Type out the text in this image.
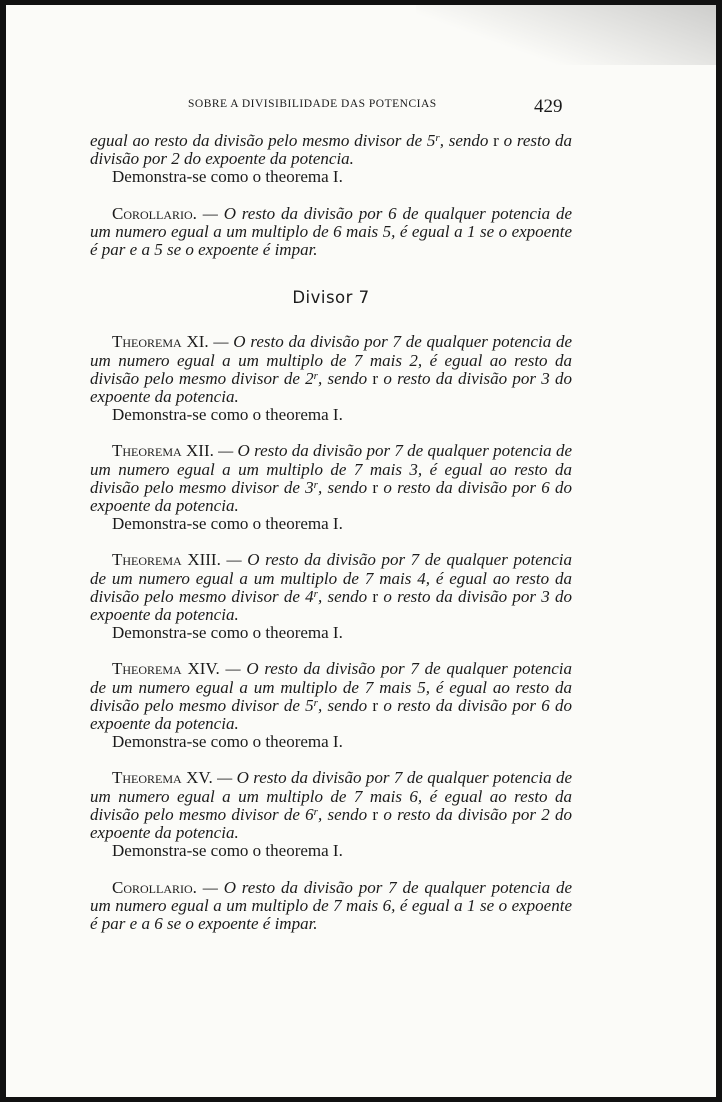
SOBRE A DIVISIBILIDADE DAS POTENCIAS	429

egual ao resto da divisão pelo mesmo divisor de 5$^r$, sendo r o resto da divisão por 2 do expoente da potencia.

Demonstra-se como o theorema I.

Corollario. — O resto da divisão por 6 de qualquer potencia de um numero egual a um multiplo de 6 mais 5, é egual a 1 se o expoente é par e a 5 se o expoente é impar.

Divisor 7

Theorema XI. — O resto da divisão por 7 de qualquer potencia de um numero egual a um multiplo de 7 mais 2, é egual ao resto da divisão pelo mesmo divisor de 2$^r$, sendo r o resto da divisão por 3 do expoente da potencia.

Demonstra-se como o theorema I.

Theorema XII. — O resto da divisão por 7 de qualquer potencia de um numero egual a um multiplo de 7 mais 3, é egual ao resto da divisão pelo mesmo divisor de 3$^r$, sendo r o resto da divisão por 6 do expoente da potencia.

Demonstra-se como o theorema I.

Theorema XIII. — O resto da divisão por 7 de qualquer potencia de um numero egual a um multiplo de 7 mais 4, é egual ao resto da divisão pelo mesmo divisor de 4$^r$, sendo r o resto da divisão por 3 do expoente da potencia.

Demonstra-se como o theorema I.

Theorema XIV. — O resto da divisão por 7 de qualquer potencia de um numero egual a um multiplo de 7 mais 5, é egual ao resto da divisão pelo mesmo divisor de 5$^r$, sendo r o resto da divisão por 6 do expoente da potencia.

Demonstra-se como o theorema I.

Theorema XV. — O resto da divisão por 7 de qualquer potencia de um numero egual a um multiplo de 7 mais 6, é egual ao resto da divisão pelo mesmo divisor de 6$^r$, sendo r o resto da divisão por 2 do expoente da potencia.

Demonstra-se como o theorema I.

Corollario. — O resto da divisão por 7 de qualquer potencia de um numero egual a um multiplo de 7 mais 6, é egual a 1 se o expoente é par e a 6 se o expoente é impar.
